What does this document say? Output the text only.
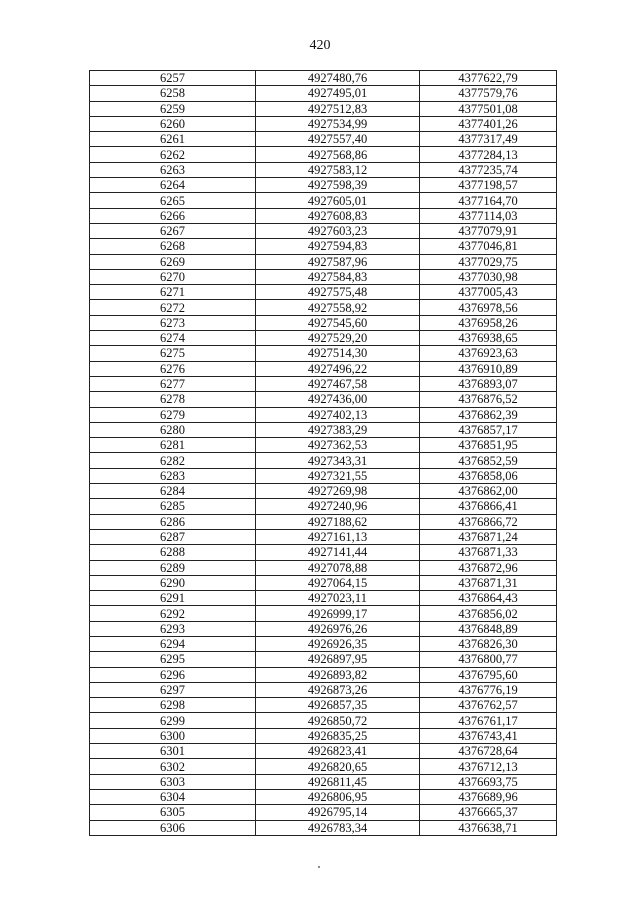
420
6257	4927480,76	4377622,79
6258	4927495,01	4377579,76
6259	4927512,83	4377501,08
6260	4927534,99	4377401,26
6261	4927557,40	4377317,49
6262	4927568,86	4377284,13
6263	4927583,12	4377235,74
6264	4927598,39	4377198,57
6265	4927605,01	4377164,70
6266	4927608,83	4377114,03
6267	4927603,23	4377079,91
6268	4927594,83	4377046,81
6269	4927587,96	4377029,75
6270	4927584,83	4377030,98
6271	4927575,48	4377005,43
6272	4927558,92	4376978,56
6273	4927545,60	4376958,26
6274	4927529,20	4376938,65
6275	4927514,30	4376923,63
6276	4927496,22	4376910,89
6277	4927467,58	4376893,07
6278	4927436,00	4376876,52
6279	4927402,13	4376862,39
6280	4927383,29	4376857,17
6281	4927362,53	4376851,95
6282	4927343,31	4376852,59
6283	4927321,55	4376858,06
6284	4927269,98	4376862,00
6285	4927240,96	4376866,41
6286	4927188,62	4376866,72
6287	4927161,13	4376871,24
6288	4927141,44	4376871,33
6289	4927078,88	4376872,96
6290	4927064,15	4376871,31
6291	4927023,11	4376864,43
6292	4926999,17	4376856,02
6293	4926976,26	4376848,89
6294	4926926,35	4376826,30
6295	4926897,95	4376800,77
6296	4926893,82	4376795,60
6297	4926873,26	4376776,19
6298	4926857,35	4376762,57
6299	4926850,72	4376761,17
6300	4926835,25	4376743,41
6301	4926823,41	4376728,64
6302	4926820,65	4376712,13
6303	4926811,45	4376693,75
6304	4926806,95	4376689,96
6305	4926795,14	4376665,37
6306	4926783,34	4376638,71
